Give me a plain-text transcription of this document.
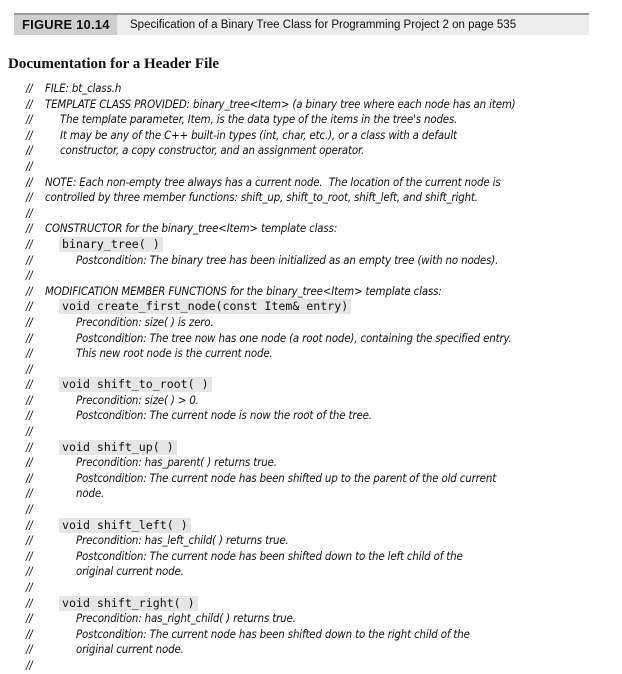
FIGURE 10.14	Specification of a Binary Tree Class for Programming Project 2 on page 535
Documentation for a Header File
// FILE: bt_class.h
// TEMPLATE CLASS PROVIDED: binary_tree<Item> (a binary tree where each node has an item)
// The template parameter, Item, is the data type of the items in the tree's nodes.
// It may be any of the C++ built-in types (int, char, etc.), or a class with a default
// constructor, a copy constructor, and an assignment operator.
//
// NOTE: Each non-empty tree always has a current node.  The location of the current node is
// controlled by three member functions: shift_up, shift_to_root, shift_left, and shift_right.
//
// CONSTRUCTOR for the binary_tree<Item> template class:
//	binary_tree( )
//	Postcondition: The binary tree has been initialized as an empty tree (with no nodes).
//
// MODIFICATION MEMBER FUNCTIONS for the binary_tree<Item> template class:
//	void create_first_node(const Item& entry)
//	Precondition: size( ) is zero.
//	Postcondition: The tree now has one node (a root node), containing the specified entry.
//	This new root node is the current node.
//
//	void shift_to_root( )
//	Precondition: size( ) > 0.
//	Postcondition: The current node is now the root of the tree.
//
//	void shift_up( )
//	Precondition: has_parent( ) returns true.
//	Postcondition: The current node has been shifted up to the parent of the old current
//	node.
//
//	void shift_left( )
//	Precondition: has_left_child( ) returns true.
//	Postcondition: The current node has been shifted down to the left child of the
//	original current node.
//
//	void shift_right( )
//	Precondition: has_right_child( ) returns true.
//	Postcondition: The current node has been shifted down to the right child of the
//	original current node.
//
